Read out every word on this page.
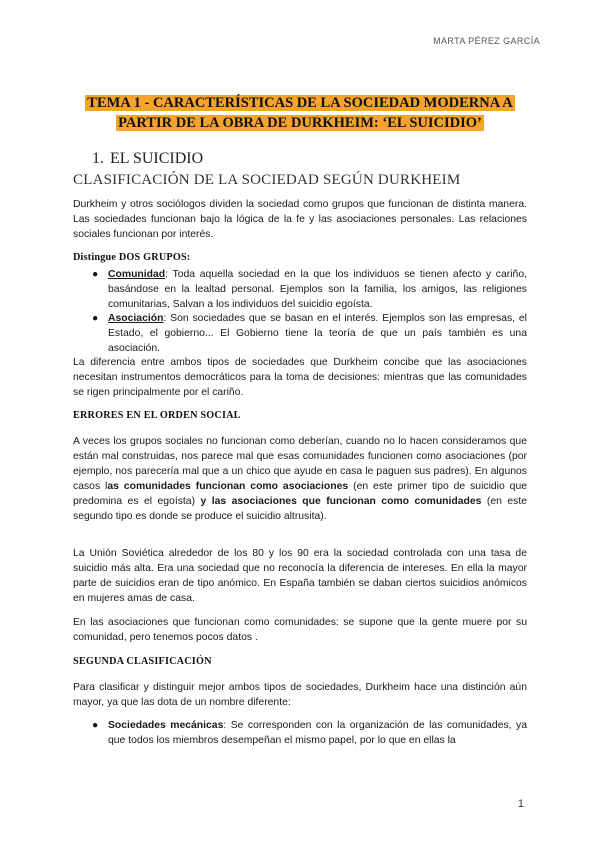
MARTA PÉREZ GARCÍA
TEMA 1 - CARACTERÍSTICAS DE LA SOCIEDAD MODERNA A PARTIR DE LA OBRA DE DURKHEIM: ‘EL SUICIDIO’
1. EL SUICIDIO
CLASIFICACIÓN DE LA SOCIEDAD SEGÚN DURKHEIM
Durkheim y otros sociólogos dividen la sociedad como grupos que funcionan de distinta manera. Las sociedades funcionan bajo la lógica de la fe y las asociaciones personales. Las relaciones sociales funcionan por interés.
Distingue DOS GRUPOS:
● Comunidad: Toda aquella sociedad en la que los individuos se tienen afecto y cariño, basándose en la lealtad personal. Ejemplos son la familia, los amigos, las religiones comunitarias, Salvan a los individuos del suicidio egoísta.
● Asociación: Son sociedades que se basan en el interés. Ejemplos son las empresas, el Estado, el gobierno... El Gobierno tiene la teoría de que un país también es una asociación.
La diferencia entre ambos tipos de sociedades que Durkheim concibe que las asociaciones necesitan instrumentos democráticos para la toma de decisiones: mientras que las comunidades se rigen principalmente por el cariño.
ERRORES EN EL ORDEN SOCIAL
A veces los grupos sociales no funcionan como deberían, cuando no lo hacen consideramos que están mal construidas, nos parece mal que esas comunidades funcionen como asociaciones (por ejemplo, nos parecería mal que a un chico que ayude en casa le paguen sus padres). En algunos casos las comunidades funcionan como asociaciones (en este primer tipo de suicidio que predomina es el egoísta) y las asociaciones que funcionan como comunidades (en este segundo tipo es donde se produce el suicidio altrusita).
La Unión Soviética alrededor de los 80 y los 90 era la sociedad controlada con una tasa de suicidio más alta. Era una sociedad que no reconocía la diferencia de intereses. En ella la mayor parte de suicidios eran de tipo anómico. En España también se daban ciertos suicidios anómicos en mujeres amas de casa.
En las asociaciones que funcionan como comunidades: se supone que la gente muere por su comunidad, pero tenemos pocos datos .
SEGUNDA CLASIFICACIÓN
Para clasificar y distinguir mejor ambos tipos de sociedades, Durkheim hace una distinción aún mayor, ya que las dota de un nombre diferente:
● Sociedades mecánicas: Se corresponden con la organización de las comunidades, ya que todos los miembros desempeñan el mismo papel, por lo que en ellas la
1
